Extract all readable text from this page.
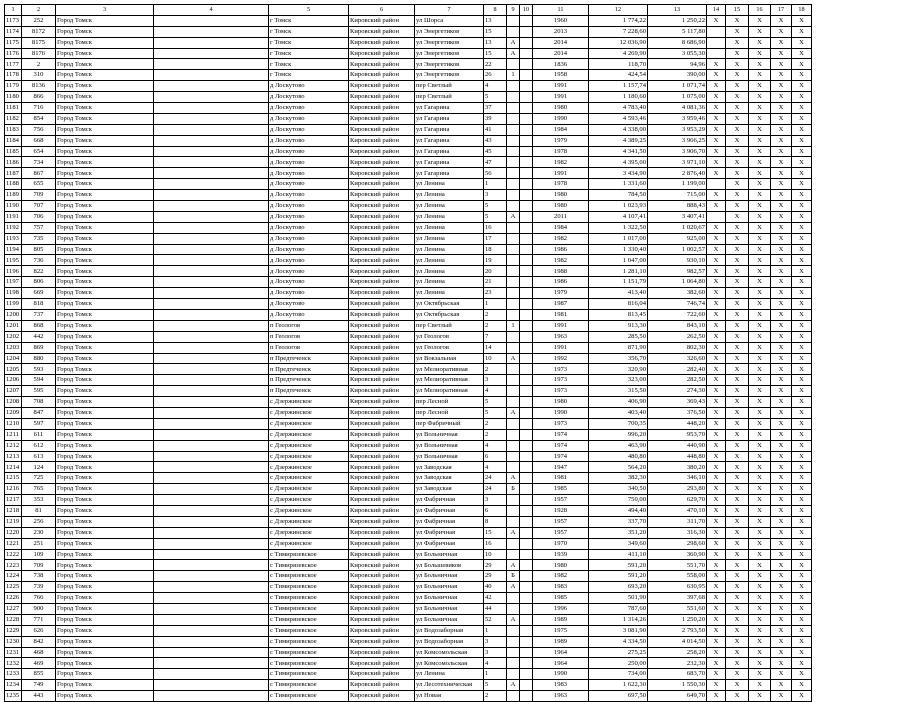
1	2	3	4	5	6	7	8	9	10	11	12	13	14	15	16	17	18
1173	252	Город Томск		г Томск	Кировский район	ул Шорса	13			1960	1 774,22	1 250,22	X	X	X	X	X
1174	8172	Город Томск		г Томск	Кировский район	ул Энергетиков	15			2013	7 228,60	5 117,80		X	X	X	X
1175	8175	Город Томск		г Томск	Кировский район	ул Энергетиков	13	А		2014	12 036,90	8 686,90		X	X	X	X
1176	8176	Город Томск		г Томск	Кировский район	ул Энергетиков	15	А		2014	4 269,90	3 055,30		X	X	X	X
1177	2	Город Томск		г Томск	Кировский район	ул Энергетиков	22			1836	118,70	94,96	X	X	X	X	X
1178	310	Город Томск		г Томск	Кировский район	ул Энергетиков	26	1		1958	424,54	390,00	X	X	X	X	X
1179	8136	Город Томск		д Лоскутово	Кировский район	пер Светлый	4			1991	1 157,74	1 071,74	X	X	X	X	X
1180	866	Город Томск		д Лоскутово	Кировский район	пер Светлый	5			1991	1 180,60	1 075,00	X	X	X	X	X
1181	716	Город Томск		д Лоскутово	Кировский район	ул Гагарина	37			1980	4 783,40	4 081,36	X	X	X	X	X
1182	854	Город Томск		д Лоскутово	Кировский район	ул Гагарина	39			1990	4 593,46	3 959,46	X	X	X	X	X
1183	756	Город Томск		д Лоскутово	Кировский район	ул Гагарина	41			1984	4 338,00	3 953,29	X	X	X	X	X
1184	668	Город Томск		д Лоскутово	Кировский район	ул Гагарина	43			1979	4 389,25	3 966,25	X	X	X	X	X
1185	654	Город Томск		д Лоскутово	Кировский район	ул Гагарина	45			1978	4 341,50	3 906,70	X	X	X	X	X
1186	734	Город Томск		д Лоскутово	Кировский район	ул Гагарина	47			1982	4 395,00	3 971,10	X	X	X	X	X
1187	867	Город Томск		д Лоскутово	Кировский район	ул Гагарина	56			1991	3 434,90	2 876,40	X	X	X	X	X
1188	655	Город Томск		д Лоскутово	Кировский район	ул Ленина	1			1978	1 331,60	1 199,00		X	X	X	X
1189	709	Город Томск		д Лоскутово	Кировский район	ул Ленина	3			1980	784,50	715,00	X	X	X	X	X
1190	707	Город Томск		д Лоскутово	Кировский район	ул Ленина	5			1980	1 023,93	888,43	X	X	X	X	X
1191	706	Город Томск		д Лоскутово	Кировский район	ул Ленина	5	А		2011	4 107,41	3 407,41		X	X	X	X
1192	757	Город Томск		д Лоскутово	Кировский район	ул Ленина	16			1984	1 322,50	1 020,67	X	X	X	X	X
1193	735	Город Томск		д Лоскутово	Кировский район	ул Ленина	17			1982	1 017,00	925,00	X	X	X	X	X
1194	805	Город Томск		д Лоскутово	Кировский район	ул Ленина	18			1986	1 330,40	1 002,57	X	X	X	X	X
1195	736	Город Томск		д Лоскутово	Кировский район	ул Ленина	19			1982	1 047,00	930,10	X	X	X	X	X
1196	822	Город Томск		д Лоскутово	Кировский район	ул Ленина	20			1988	1 281,10	982,57	X	X	X	X	X
1197	806	Город Томск		д Лоскутово	Кировский район	ул Ленина	21			1986	1 151,79	1 064,80	X	X	X	X	X
1198	669	Город Томск		д Лоскутово	Кировский район	ул Ленина	23			1979	413,40	382,60	X	X	X	X	X
1199	818	Город Томск		д Лоскутово	Кировский район	ул Октябрьская	1			1987	816,04	746,74	X	X	X	X	X
1200	737	Город Томск		д Лоскутово	Кировский район	ул Октябрьская	2			1981	813,45	722,60	X	X	X	X	X
1201	868	Город Томск		п Геологов	Кировский район	пер Светлый	2	1		1991	913,30	843,10	X	X	X	X	X
1202	442	Город Томск		п Геологов	Кировский район	ул Геологов	7			1963	285,50	262,50	X	X	X	X	X
1203	869	Город Томск		п Геологов	Кировский район	ул Геологов	14			1991	871,90	802,30	X	X	X	X	X
1204	880	Город Томск		п Предтеченск	Кировский район	ул Вокзальная	10	А		1992	356,70	326,60	X	X	X	X	X
1205	593	Город Томск		п Предтеченск	Кировский район	ул Мелиоративная	2			1973	320,90	282,40	X	X	X	X	X
1206	594	Город Томск		п Предтеченск	Кировский район	ул Мелиоративная	3			1973	323,00	282,50	X	X	X	X	X
1207	595	Город Томск		п Предтеченск	Кировский район	ул Мелиоративная	4			1973	315,50	274,30	X	X	X	X	X
1208	708	Город Томск		с Дзержинское	Кировский район	пер Лесной	5			1980	406,90	369,43	X	X	X	X	X
1209	847	Город Томск		с Дзержинское	Кировский район	пер Лесной	5	А		1990	403,40	376,50	X	X	X	X	X
1210	597	Город Томск		с Дзержинское	Кировский район	пер Фабричный	2			1973	700,35	448,20	X	X	X	X	X
1211	611	Город Томск		с Дзержинское	Кировский район	ул Вольничная	2			1974	996,20	953,70	X	X	X	X	X
1212	612	Город Томск		с Дзержинское	Кировский район	ул Вольничная	4			1974	463,90	440,90	X	X	X	X	X
1213	613	Город Томск		с Дзержинское	Кировский район	ул Вольничная	6			1974	480,80	448,80	X	X	X	X	X
1214	124	Город Томск		с Дзержинское	Кировский район	ул Заводская	4			1947	564,20	380,20	X	X	X	X	X
1215	725	Город Томск		с Дзержинское	Кировский район	ул Заводская	24	А		1981	382,30	346,10	X	X	X	X	X
1216	765	Город Томск		с Дзержинское	Кировский район	ул Заводская	24	Б		1985	340,50	293,80	X	X	X	X	X
1217	353	Город Томск		с Дзержинское	Кировский район	ул Фабричная	3			1957	750,00	629,70	X	X	X	X	X
1218	81	Город Томск		с Дзержинское	Кировский район	ул Фабричная	6			1928	494,40	470,10	X	X	X	X	X
1219	256	Город Томск		с Дзержинское	Кировский район	ул Фабричная	8			1957	337,70	311,70	X	X	X	X	X
1220	230	Город Томск		с Дзержинское	Кировский район	ул Фабричная	15	А		1957	351,20	316,30	X	X	X	X	X
1221	251	Город Томск		с Дзержинское	Кировский район	ул Фабричная	16			1970	349,60	298,60	X	X	X	X	X
1222	109	Город Томск		с Тимирязевское	Кировский район	ул Больничная	10			1939	411,10	360,90	X	X	X	X	X
1223	709	Город Томск		с Тимирязевское	Кировский район	ул Большевиков	29	А		1980	591,20	551,70	X	X	X	X	X
1224	738	Город Томск		с Тимирязевское	Кировский район	ул Больничная	29	Б		1982	591,20	558,00	X	X	X	X	X
1225	739	Город Томск		с Тимирязевское	Кировский район	ул Больничная	40	А		1983	693,20	630,95	X	X	X	X	X
1226	766	Город Томск		с Тимирязевское	Кировский район	ул Больничная	42			1985	501,90	397,68	X	X	X	X	X
1227	900	Город Томск		с Тимирязевское	Кировский район	ул Больничная	44			1996	787,60	551,60	X	X	X	X	X
1228	771	Город Томск		с Тимирязевское	Кировский район	ул Больничная	52	А		1989	1 314,26	1 250,20	X	X	X	X	X
1229	626	Город Томск		с Тимирязевское	Кировский район	ул Водозаборная	1			1975	3 081,90	2 793,50	X	X	X	X	X
1230	842	Город Томск		с Тимирязевское	Кировский район	ул Водозаборная	3			1989	4 334,50	4 014,50	X	X	X	X	X
1231	468	Город Томск		с Тимирязевское	Кировский район	ул Комсомольская	3			1964	275,25	258,20	X	X	X	X	X
1232	469	Город Томск		с Тимирязевское	Кировский район	ул Комсомольская	4			1964	250,00	232,30	X	X	X	X	X
1233	855	Город Томск		с Тимирязевское	Кировский район	ул Ленина	1			1990	734,00	683,70	X	X	X	X	X
1234	749	Город Томск		с Тимирязевское	Кировский район	ул Лесотехническая	5	А		1983	1 622,30	1 550,30	X	X	X	X	X
1235	443	Город Томск		с Тимирязевское	Кировский район	ул Новая	2			1963	697,50	649,70	X	X	X	X	X
